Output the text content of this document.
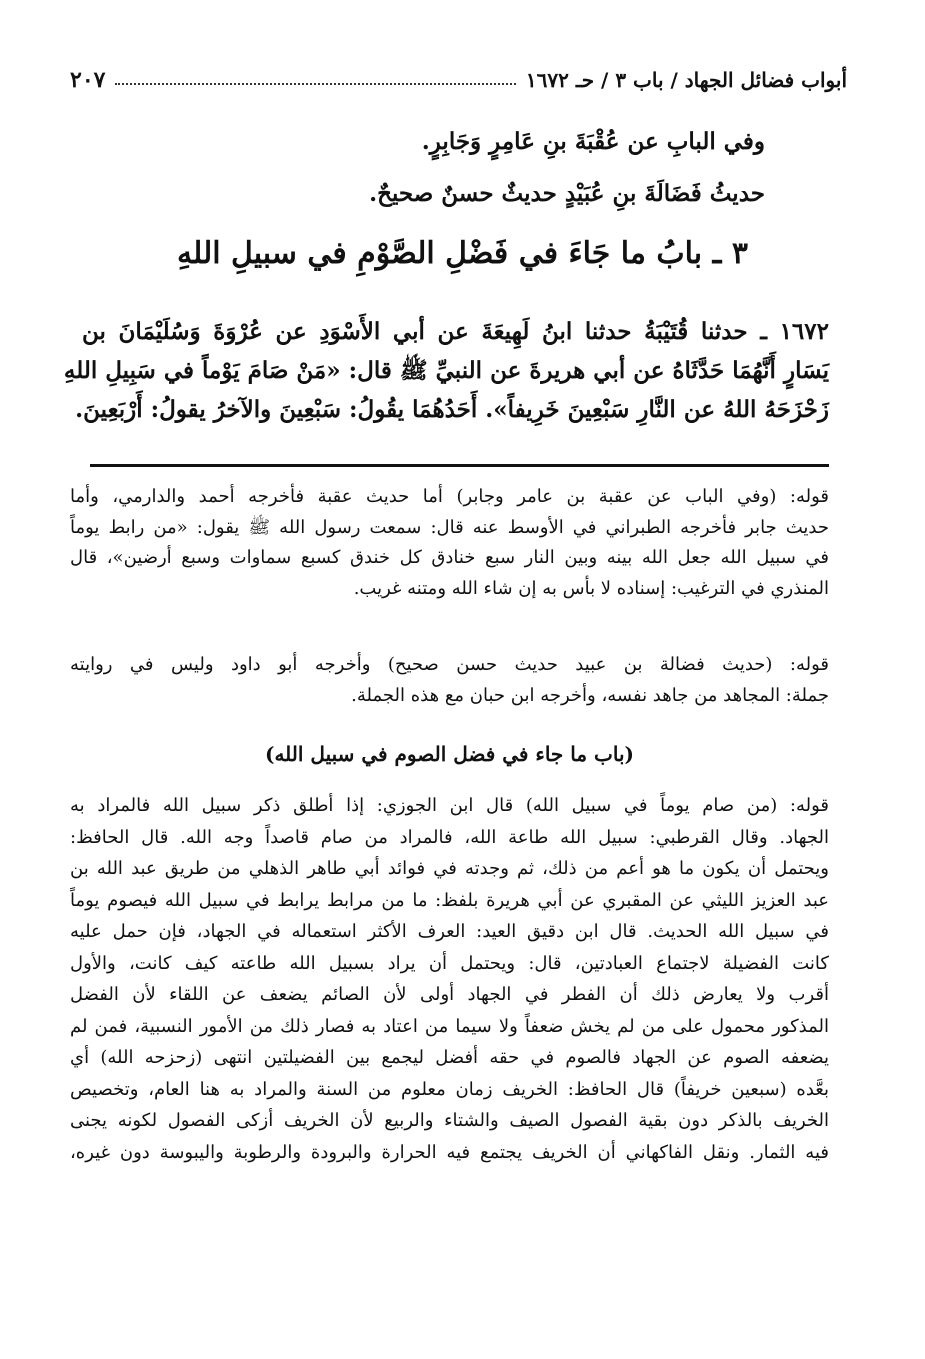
أبواب فضائل الجهاد / باب ٣ / حـ ١٦٧٢
٢٠٧
وفي البابِ عن عُقْبَةَ بنِ عَامِرٍ وَجَابِرٍ.
حديثُ فَضَالَةَ بنِ عُبَيْدٍ حديثٌ حسنٌ صحيحٌ.
٣ ـ بابُ ما جَاءَ في فَضْلِ الصَّوْمِ في سبيلِ اللهِ
١٦٧٢ ـ حدثنا قُتَيْبَةُ حدثنا ابنُ لَهِيعَةَ عن أبي الأَسْوَدِ عن عُرْوَةَ وَسُلَيْمَانَ بن
يَسَارٍ أَنَّهُمَا حَدَّثَاهُ عن أبي هريرةَ عن النبيِّ ﷺ قال: «مَنْ صَامَ يَوْماً في سَبِيلِ اللهِ
زَحْزَحَهُ اللهُ عن النَّارِ سَبْعِينَ خَرِيفاً». أَحَدُهُمَا يقُولُ: سَبْعِينَ والآخرُ يقولُ: أَرْبَعِينَ.
قوله: (وفي الباب عن عقبة بن عامر وجابر) أما حديث عقبة فأخرجه أحمد والدارمي، وأما
حديث جابر فأخرجه الطبراني في الأوسط عنه قال: سمعت رسول الله ﷺ يقول: «من رابط يوماً
في سبيل الله جعل الله بينه وبين النار سبع خنادق كل خندق كسبع سماوات وسبع أرضين»، قال
المنذري في الترغيب: إسناده لا بأس به إن شاء الله ومتنه غريب.
قوله: (حديث فضالة بن عبيد حديث حسن صحيح) وأخرجه أبو داود وليس في روايته
جملة: المجاهد من جاهد نفسه، وأخرجه ابن حبان مع هذه الجملة.
(باب ما جاء في فضل الصوم في سبيل الله)
قوله: (من صام يوماً في سبيل الله) قال ابن الجوزي: إذا أطلق ذكر سبيل الله فالمراد به
الجهاد. وقال القرطبي: سبيل الله طاعة الله، فالمراد من صام قاصداً وجه الله. قال الحافظ:
ويحتمل أن يكون ما هو أعم من ذلك، ثم وجدته في فوائد أبي طاهر الذهلي من طريق عبد الله بن
عبد العزيز الليثي عن المقبري عن أبي هريرة بلفظ: ما من مرابط يرابط في سبيل الله فيصوم يوماً
في سبيل الله الحديث. قال ابن دقيق العيد: العرف الأكثر استعماله في الجهاد، فإن حمل عليه
كانت الفضيلة لاجتماع العبادتين، قال: ويحتمل أن يراد بسبيل الله طاعته كيف كانت، والأول
أقرب ولا يعارض ذلك أن الفطر في الجهاد أولى لأن الصائم يضعف عن اللقاء لأن الفضل
المذكور محمول على من لم يخش ضعفاً ولا سيما من اعتاد به فصار ذلك من الأمور النسبية، فمن لم
يضعفه الصوم عن الجهاد فالصوم في حقه أفضل ليجمع بين الفضيلتين انتهى (زحزحه الله) أي
بعَّده (سبعين خريفاً) قال الحافظ: الخريف زمان معلوم من السنة والمراد به هنا العام، وتخصيص
الخريف بالذكر دون بقية الفصول الصيف والشتاء والربيع لأن الخريف أزكى الفصول لكونه يجنى
فيه الثمار. ونقل الفاكهاني أن الخريف يجتمع فيه الحرارة والبرودة والرطوبة واليبوسة دون غيره،
